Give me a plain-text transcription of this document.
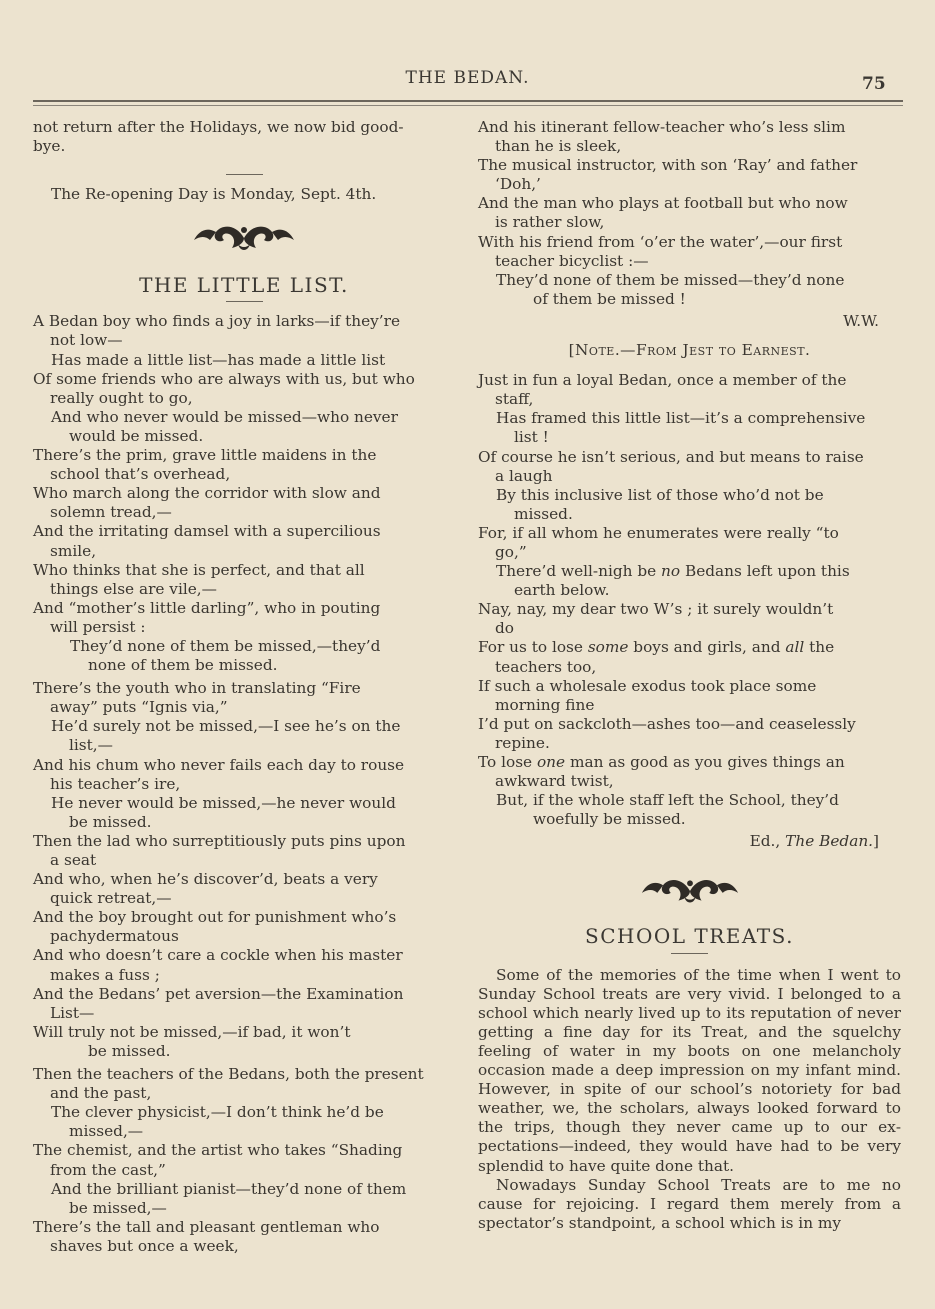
THE BEDAN.	75

not return after the Holidays, we now bid good-

bye.

The Re-opening Day is Monday, Sept. 4th.

THE LITTLE LIST.

A Bedan boy who finds a joy in larks—if they’re

not low—

Has made a little list—has made a little list

Of some friends who are always with us, but who

really ought to go,

And who never would be missed—who never

would be missed.

There’s the prim, grave little maidens in the

school that’s overhead,

Who march along the corridor with slow and

solemn tread,—

And the irritating damsel with a supercilious

smile,

Who thinks that she is perfect, and that all

things else are vile,—

And “mother’s little darling”, who in pouting

will persist :

They’d none of them be missed,—they’d

none of them be missed.

There’s the youth who in translating “Fire

away” puts “Ignis via,”

He’d surely not be missed,—I see he’s on the

list,—

And his chum who never fails each day to rouse

his teacher’s ire,

He never would be missed,—he never would

be missed.

Then the lad who surreptitiously puts pins upon

a seat

And who, when he’s discover’d, beats a very

quick retreat,—

And the boy brought out for punishment who’s

pachydermatous

And who doesn’t care a cockle when his master

makes a fuss ;

And the Bedans’ pet aversion—the Examination

List—

Will truly not be missed,—if bad, it won’t

be missed.

Then the teachers of the Bedans, both the present

and the past,

The clever physicist,—I don’t think he’d be

missed,—

The chemist, and the artist who takes “Shading

from the cast,”

And the brilliant pianist—they’d none of them

be missed,—

There’s the tall and pleasant gentleman who

shaves but once a week,

And his itinerant fellow-teacher who’s less slim

than he is sleek,

The musical instructor, with son ‘Ray’ and father

‘Doh,’

And the man who plays at football but who now

is rather slow,

With his friend from ‘o’er the water’,—our first

teacher bicyclist :—

They’d none of them be missed—they’d none

of them be missed !

W.W.

[Note.—From Jest to Earnest.

Just in fun a loyal Bedan, once a member of the

staff,

Has framed this little list—it’s a comprehensive

list !

Of course he isn’t serious, and but means to raise

a laugh

By this inclusive list of those who’d not be

missed.

For, if all whom he enumerates were really “to

go,”

There’d well-nigh be no Bedans left upon this

earth below.

Nay, nay, my dear two W’s ; it surely wouldn’t

do

For us to lose some boys and girls, and all the

teachers too,

If such a wholesale exodus took place some

morning fine

I’d put on sackcloth—ashes too—and ceaselessly

repine.

To lose one man as good as you gives things an

awkward twist,

But, if the whole staff left the School, they’d

woefully be missed.

Ed., The Bedan.]

SCHOOL TREATS.

Some of the memories of the time when I went to Sunday School treats are very vivid. I belonged to a school which nearly lived up to its reputation of never getting a fine day for its Treat, and the squelchy feeling of water in my boots on one melancholy occasion made a deep impression on my infant mind. However, in spite of our school’s notoriety for bad weather, we, the scholars, always looked forward to the trips, though they never came up to our expectations—indeed, they would have had to be very splendid to have quite done that.

Nowadays Sunday School Treats are to me no cause for rejoicing. I regard them merely from a spectator’s standpoint, a school which is in my
